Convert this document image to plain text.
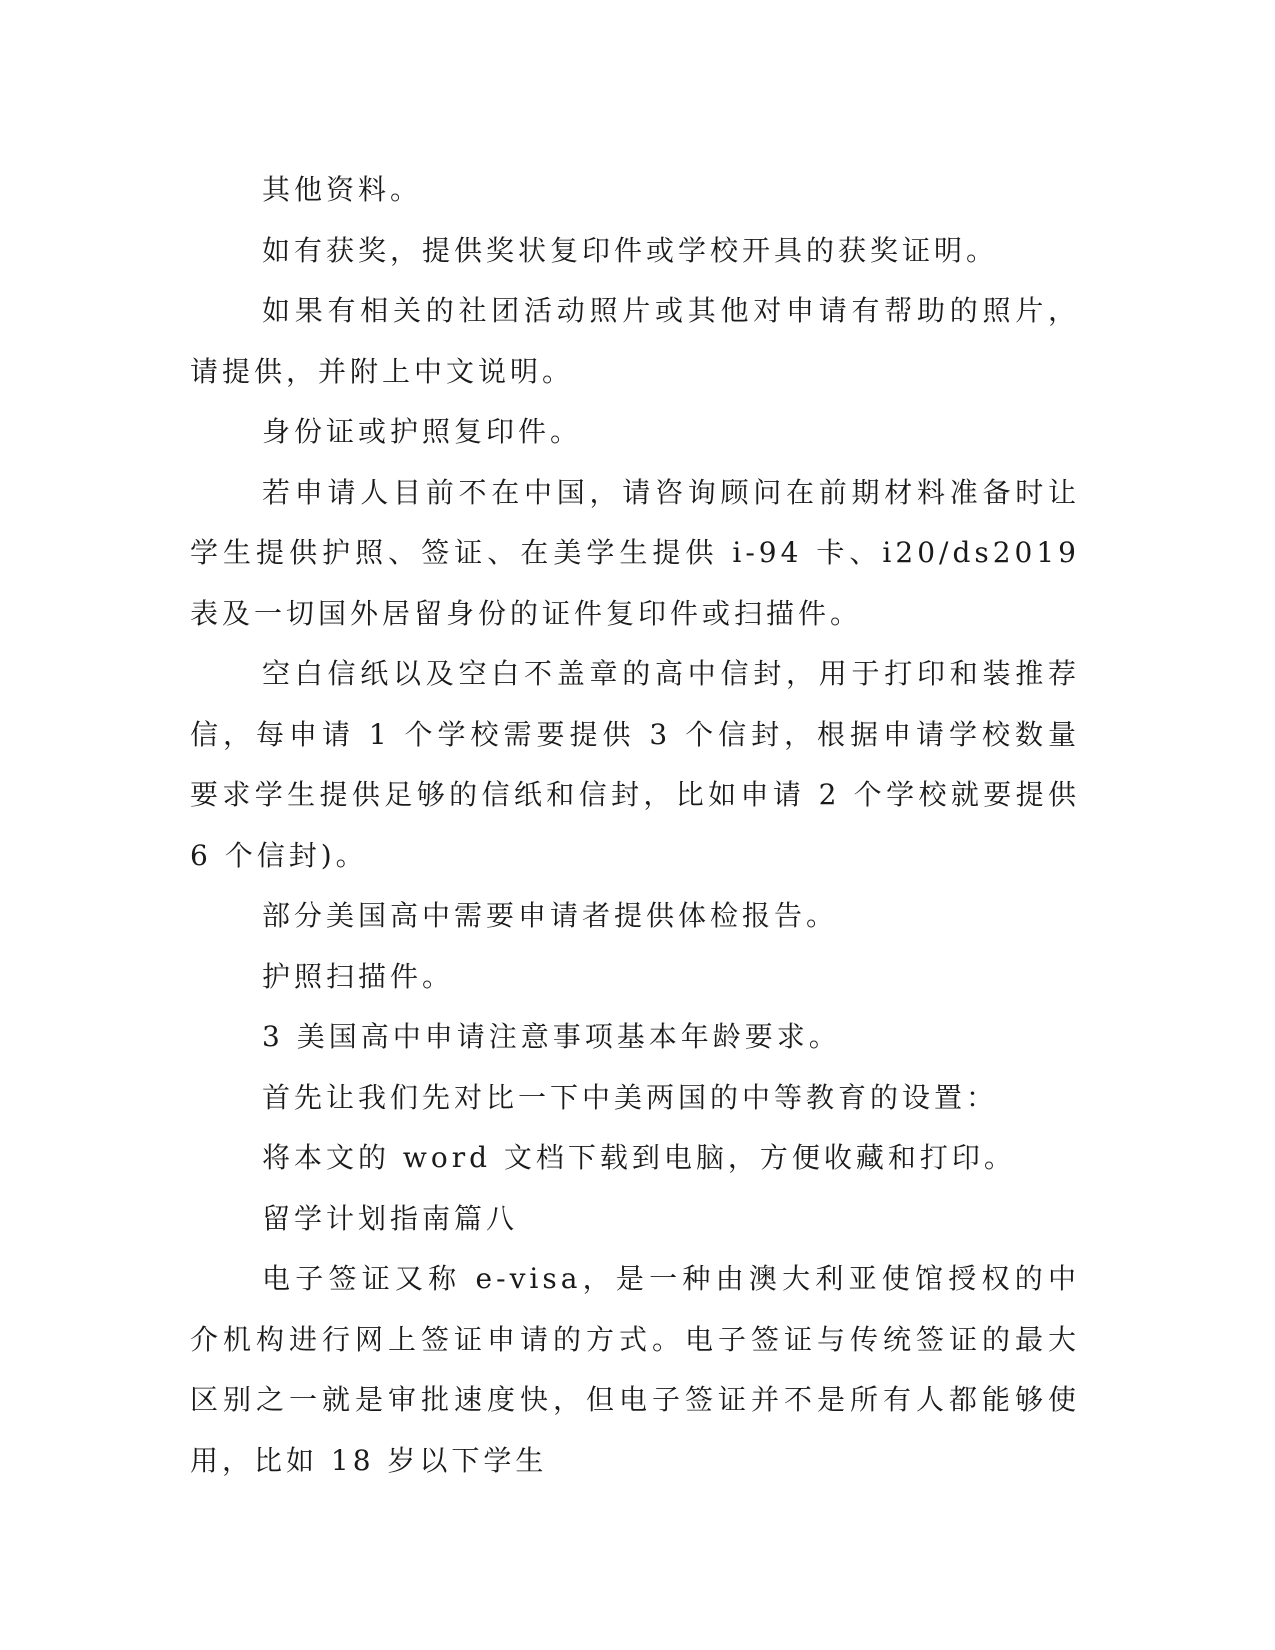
其他资料。

如有获奖，提供奖状复印件或学校开具的获奖证明。

如果有相关的社团活动照片或其他对申请有帮助的照片，请提供，并附上中文说明。

身份证或护照复印件。

若申请人目前不在中国，请咨询顾问在前期材料准备时让学生提供护照、签证、在美学生提供 i-94 卡、i20/ds2019 表及一切国外居留身份的证件复印件或扫描件。

空白信纸以及空白不盖章的高中信封，用于打印和装推荐信，每申请 1 个学校需要提供 3 个信封，根据申请学校数量要求学生提供足够的信纸和信封，比如申请 2 个学校就要提供 6 个信封)。

部分美国高中需要申请者提供体检报告。

护照扫描件。

3 美国高中申请注意事项基本年龄要求。

首先让我们先对比一下中美两国的中等教育的设置：

将本文的 word 文档下载到电脑，方便收藏和打印。

留学计划指南篇八

电子签证又称 e-visa，是一种由澳大利亚使馆授权的中介机构进行网上签证申请的方式。电子签证与传统签证的最大区别之一就是审批速度快，但电子签证并不是所有人都能够使用，比如 18 岁以下学生
